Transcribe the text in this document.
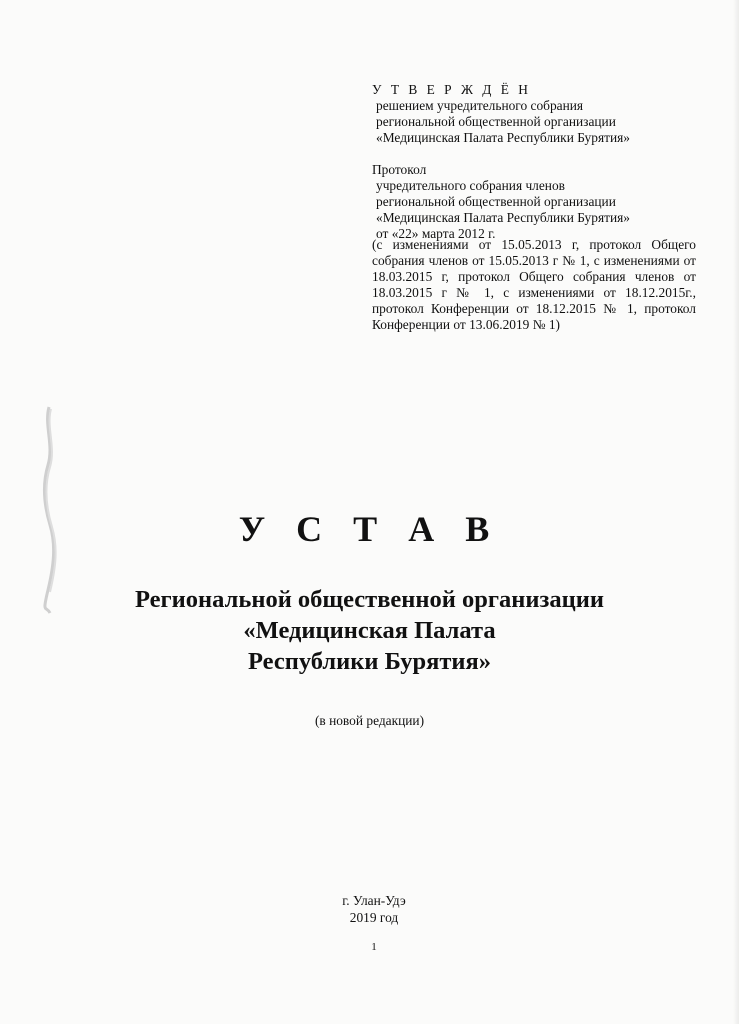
У Т В Е Р Ж Д Ё Н
решением учредительного собрания
региональной общественной организации
«Медицинская Палата Республики Бурятия»
Протокол
учредительного собрания членов
региональной общественной организации
«Медицинская Палата Республики Бурятия»
от «22» марта 2012 г.
(с изменениями от 15.05.2013 г, протокол Общего собрания членов от 15.05.2013 г № 1, с изменениями от 18.03.2015 г, протокол Общего собрания членов от 18.03.2015 г № 1, с изменениями от 18.12.2015г., протокол Конференции от 18.12.2015 № 1, протокол Конференции от 13.06.2019 № 1)
У С Т А В
Региональной общественной организации
«Медицинская Палата
Республики Бурятия»
(в новой редакции)
г. Улан-Удэ
2019 год
1
